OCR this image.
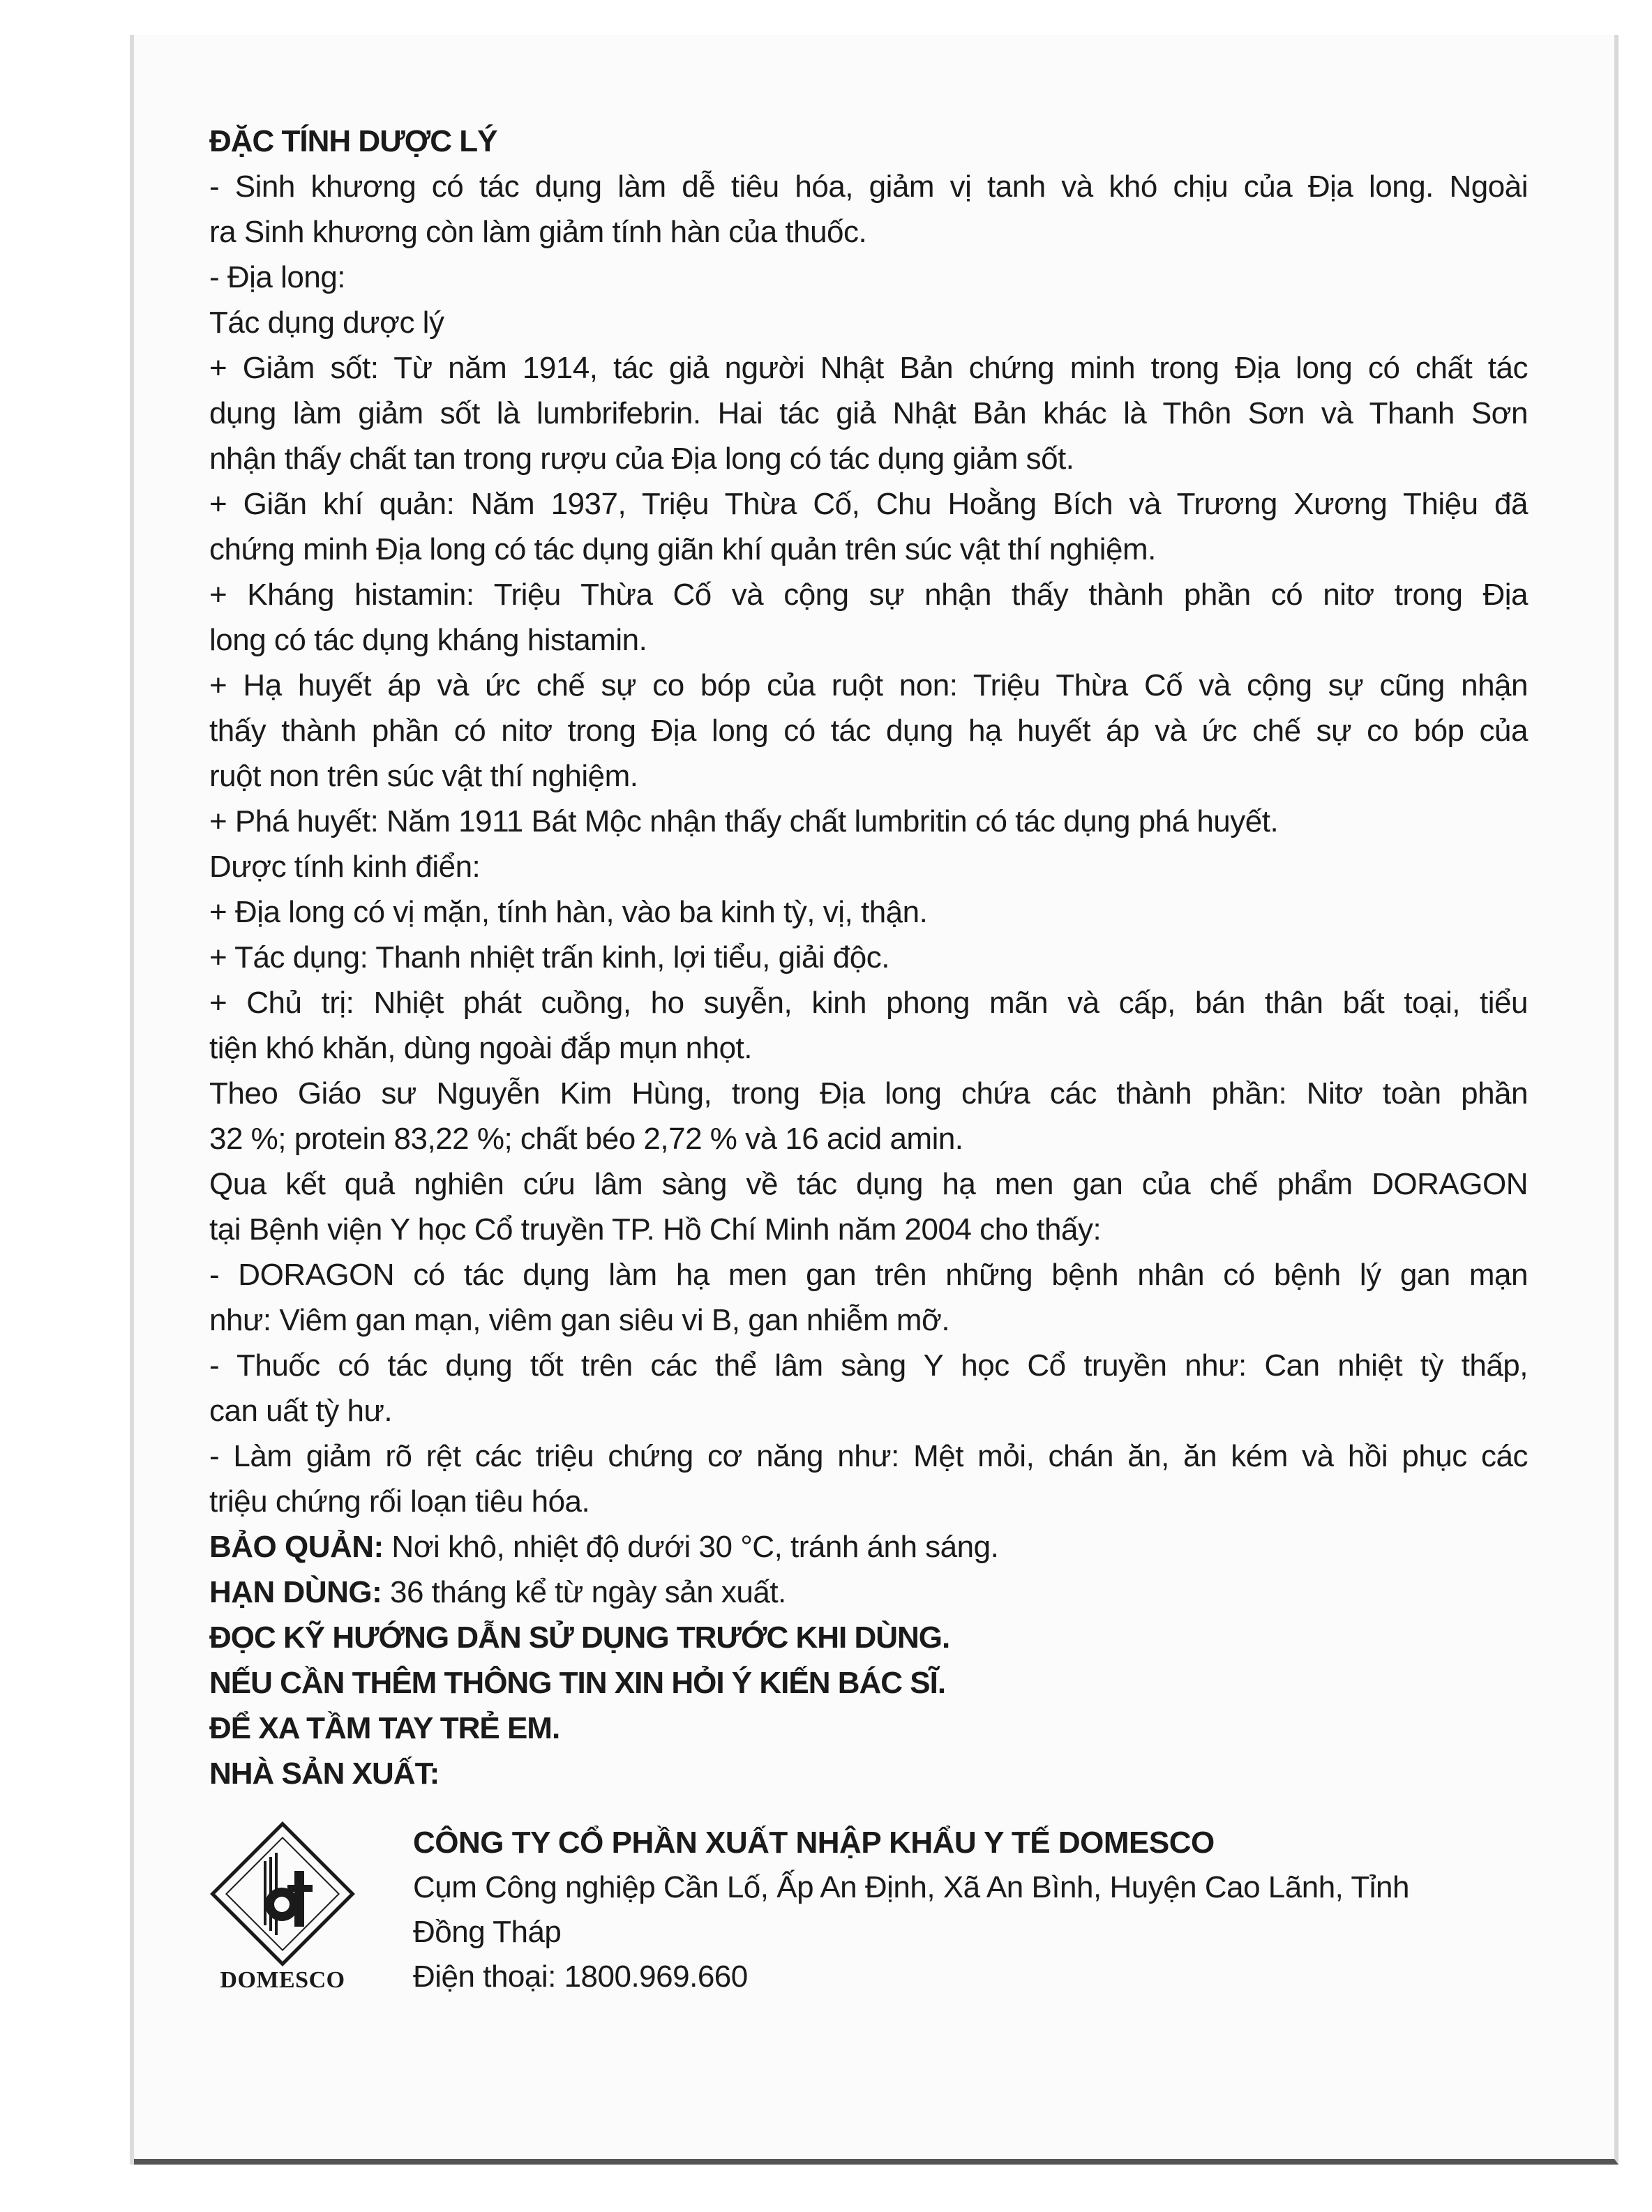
ĐẶC TÍNH DƯỢC LÝ
- Sinh khương có tác dụng làm dễ tiêu hóa, giảm vị tanh và khó chịu của Địa long. Ngoài
ra Sinh khương còn làm giảm tính hàn của thuốc.
- Địa long:
Tác dụng dược lý
+ Giảm sốt: Từ năm 1914, tác giả người Nhật Bản chứng minh trong Địa long có chất tác
dụng làm giảm sốt là lumbrifebrin. Hai tác giả Nhật Bản khác là Thôn Sơn và Thanh Sơn
nhận thấy chất tan trong rượu của Địa long có tác dụng giảm sốt.
+ Giãn khí quản: Năm 1937, Triệu Thừa Cố, Chu Hoằng Bích và Trương Xương Thiệu đã
chứng minh Địa long có tác dụng giãn khí quản trên súc vật thí nghiệm.
+ Kháng histamin: Triệu Thừa Cố và cộng sự nhận thấy thành phần có nitơ trong Địa
long có tác dụng kháng histamin.
+ Hạ huyết áp và ức chế sự co bóp của ruột non: Triệu Thừa Cố và cộng sự cũng nhận
thấy thành phần có nitơ trong Địa long có tác dụng hạ huyết áp và ức chế sự co bóp của
ruột non trên súc vật thí nghiệm.
+ Phá huyết: Năm 1911 Bát Mộc nhận thấy chất lumbritin có tác dụng phá huyết.
Dược tính kinh điển:
+ Địa long có vị mặn, tính hàn, vào ba kinh tỳ, vị, thận.
+ Tác dụng: Thanh nhiệt trấn kinh, lợi tiểu, giải độc.
+ Chủ trị: Nhiệt phát cuồng, ho suyễn, kinh phong mãn và cấp, bán thân bất toại, tiểu
tiện khó khăn, dùng ngoài đắp mụn nhọt.
Theo Giáo sư Nguyễn Kim Hùng, trong Địa long chứa các thành phần: Nitơ toàn phần
32 %; protein 83,22 %; chất béo 2,72 % và 16 acid amin.
Qua kết quả nghiên cứu lâm sàng về tác dụng hạ men gan của chế phẩm DORAGON
tại Bệnh viện Y học Cổ truyền TP. Hồ Chí Minh năm 2004 cho thấy:
- DORAGON có tác dụng làm hạ men gan trên những bệnh nhân có bệnh lý gan mạn
như: Viêm gan mạn, viêm gan siêu vi B, gan nhiễm mỡ.
- Thuốc có tác dụng tốt trên các thể lâm sàng Y học Cổ truyền như: Can nhiệt tỳ thấp,
can uất tỳ hư.
- Làm giảm rõ rệt các triệu chứng cơ năng như: Mệt mỏi, chán ăn, ăn kém và hồi phục các
triệu chứng rối loạn tiêu hóa.
BẢO QUẢN: Nơi khô, nhiệt độ dưới 30 °C, tránh ánh sáng.
HẠN DÙNG: 36 tháng kể từ ngày sản xuất.
ĐỌC KỸ HƯỚNG DẪN SỬ DỤNG TRƯỚC KHI DÙNG.
NẾU CẦN THÊM THÔNG TIN XIN HỎI Ý KIẾN BÁC SĨ.
ĐỂ XA TẦM TAY TRẺ EM.
NHÀ SẢN XUẤT:
DOMESCO
CÔNG TY CỔ PHẦN XUẤT NHẬP KHẨU Y TẾ DOMESCO
Cụm Công nghiệp Cần Lố, Ấp An Định, Xã An Bình, Huyện Cao Lãnh, Tỉnh
Đồng Tháp
Điện thoại: 1800.969.660
